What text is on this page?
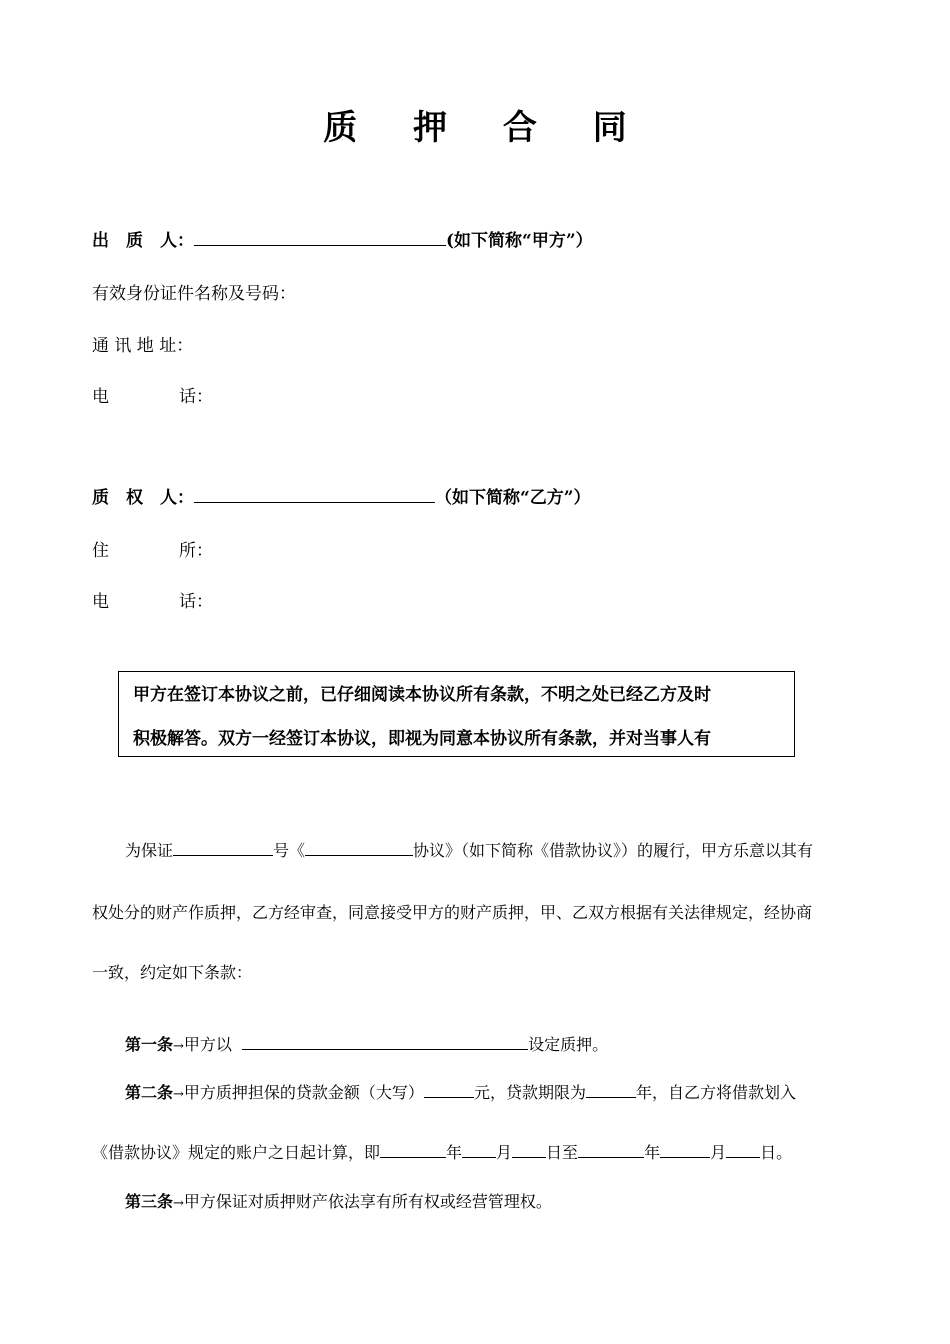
质 押 合 同
出　质　人：	(如下简称“甲方”）
有效身份证件名称及号码：
通 讯 地 址：
电	话：
质　权　人：	（如下简称“乙方”）
住	所：
电	话：
甲方在签订本协议之前，已仔细阅读本协议所有条款，不明之处已经乙方及时
积极解答。双方一经签订本协议，即视为同意本协议所有条款，并对当事人有
为保证	号《	协议》（如下简称《借款协议》）的履行，甲方乐意以其有
权处分的财产作质押，乙方经审查，同意接受甲方的财产质押，甲、乙双方根据有关法律规定，经协商
一致，约定如下条款：
第一条→甲方以	设定质押。
第二条→甲方质押担保的贷款金额（大写）	元，贷款期限为	年，自乙方将借款划入
《借款协议》规定的账户之日起计算，即	年 月 日至	年	月 日。
第三条→甲方保证对质押财产依法享有所有权或经营管理权。
